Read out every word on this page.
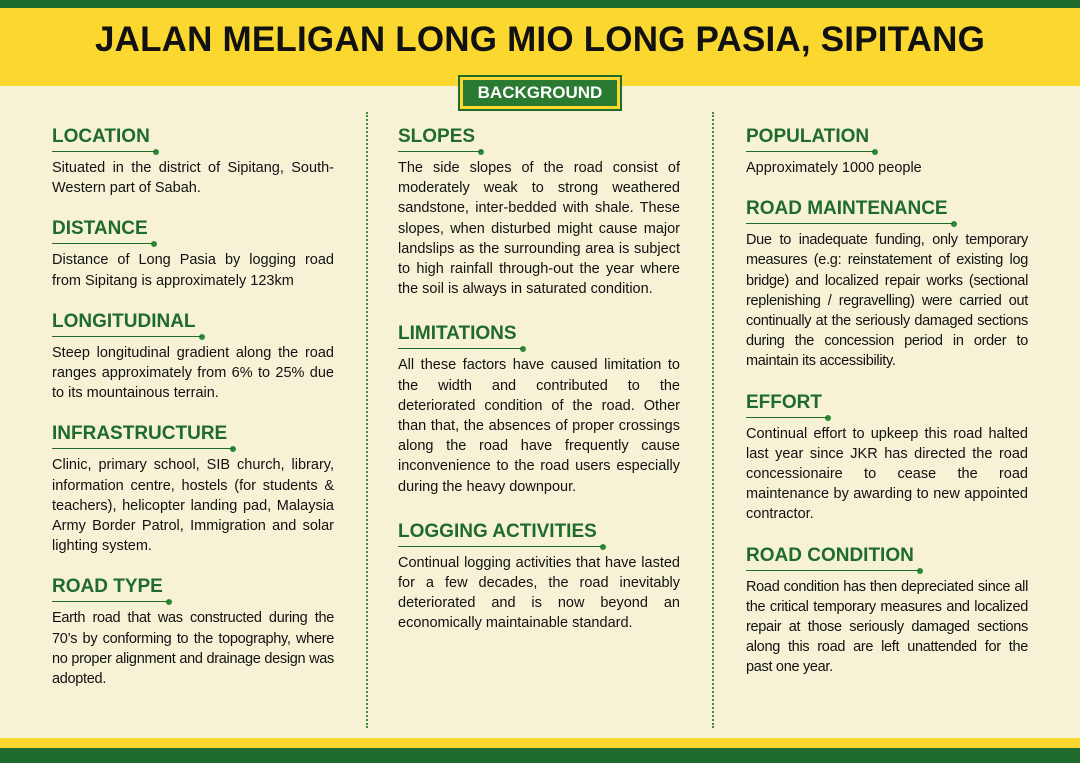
JALAN MELIGAN LONG MIO LONG PASIA, SIPITANG
BACKGROUND
LOCATION
Situated in the district of Sipitang, South-Western part of Sabah.
DISTANCE
Distance of Long Pasia by logging road from Sipitang is approximately 123km
LONGITUDINAL
Steep longitudinal gradient along the road ranges approximately from 6% to 25% due to its mountainous terrain.
INFRASTRUCTURE
Clinic, primary school, SIB church, library, information centre, hostels (for students & teachers), helicopter landing pad, Malaysia Army Border Patrol, Immigration and solar lighting system.
ROAD TYPE
Earth road that was constructed during the 70’s by conforming to the topography, where no proper alignment and drainage design was adopted.
SLOPES
The side slopes of the road consist of moderately weak to strong weathered sandstone, inter-bedded with shale. These slopes, when disturbed might cause major landslips as the surrounding area is subject to high rainfall through-out the year where the soil is always in saturated condition.
LIMITATIONS
All these factors have caused limitation to the width and contributed to the deteriorated condition of the road. Other than that, the absences of proper crossings along the road have frequently cause inconvenience to the road users especially during the heavy downpour.
LOGGING ACTIVITIES
Continual logging activities that have lasted for a few decades, the road inevitably deteriorated and is now beyond an economically maintainable standard.
POPULATION
Approximately 1000 people
ROAD MAINTENANCE
Due to inadequate funding, only temporary measures (e.g: reinstatement of existing log bridge) and localized repair works (sectional replenishing / regravelling) were carried out continually at the seriously damaged sections during the concession period in order to maintain its accessibility.
EFFORT
Continual effort to upkeep this road halted last year since JKR has directed the road concessionaire to cease the road maintenance by awarding to new appointed contractor.
ROAD CONDITION
Road condition has then depreciated since all the critical temporary measures and localized repair at those seriously damaged sections along this road are left unattended for the past one year.
